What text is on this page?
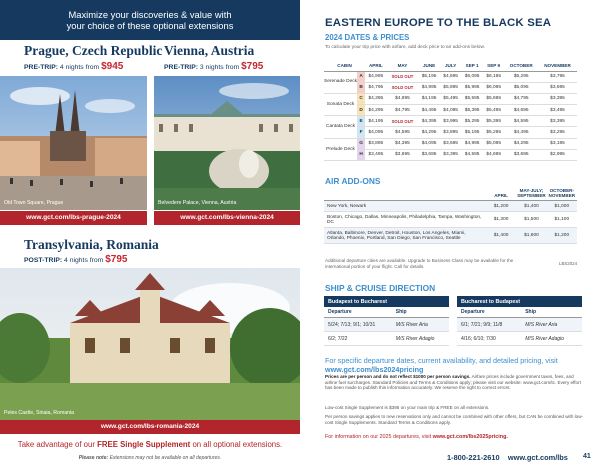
Maximize your discoveries & value with
your choice of these optional extensions
Prague, Czech Republic
PRE-TRIP: 4 nights from $945
Old Town Square, Prague
www.gct.com/lbs-prague-2024
Vienna, Austria
PRE-TRIP: 3 nights from $795
Belvedere Palace, Vienna, Austria
www.gct.com/lbs-vienna-2024
Transylvania, Romania
POST-TRIP: 4 nights from $795
Peles Castle, Sinaia, Romania
www.gct.com/lbs-romania-2024
Take advantage of our FREE Single Supplement on all optional extensions.
Please note: Extensions may not be available on all departures.
EASTERN EUROPE TO THE BLACK SEA
2024 DATES & PRICES
To calculate your trip price with airfare, add deck price to air add-ons below.
CABIN		APRIL	MAY	JUNE	JULY	SEP 1	SEP 9	OCTOBER	NOVEMBER
Serenade Deck	A	$4,995	SOLD OUT	$5,195	$4,695	$6,095	$6,195	$5,295	$3,795
	B	$4,795	SOLD OUT	$4,995	$5,895	$5,995	$6,095	$5,095	$3,695
Sonata Deck	C	$4,395	$4,895	$4,195	$5,495	$5,595	$5,695	$4,795	$3,395
	D	$4,295	$4,795	$4,495	$4,095	$5,395	$5,495	$4,695	$3,495
Cantata Deck	E	$4,195	SOLD OUT	$4,395	$3,995	$5,295	$5,395	$4,595	$3,395
	F	$4,095	$4,595	$4,295	$3,895	$5,195	$5,295	$4,495	$3,295
Prelude Deck	G	$3,895	$4,395	$4,095	$3,695	$4,995	$5,095	$4,295	$3,195
	H	$3,495	$3,695	$3,695	$3,395	$4,595	$4,695	$3,695	$2,995
AIR ADD-ONS
	APRIL	MAY-JULY; SEPTEMBER	OCTOBER-NOVEMBER
New York, Newark	$1,200	$1,400	$1,000
Boston, Chicago, Dallas, Minneapolis, Philadelphia, Tampa, Washington, DC	$1,300	$1,500	$1,100
Atlanta, Baltimore, Denver, Detroit, Houston, Los Angeles, Miami, Orlando, Phoenix, Portland, San Diego, San Francisco, Seattle	$1,400	$1,600	$1,200
Additional departure cities are available. Upgrade to Business Class may be available for the international portion of your flight. Call for details.
LBS2024
SHIP & CRUISE DIRECTION
Budapest to Bucharest	
Departure	Ship
5/24; 7/13; 9/1; 10/31	M/S River Aria
6/2; 7/22	M/S River Adagio
Bucharest to Budapest	
Departure	Ship
6/1; 7/21; 9/9; 11/8	M/S River Aria
4/16; 6/10; 7/30	M/S River Adagio
For specific departure dates, current availability, and detailed pricing, visit www.gct.com/lbs2024pricing
Prices are per person and do not reflect $1000 per person savings. Airfare prices include government taxes, fees, and airline fuel surcharges. Standard Policies and Terms & Conditions apply; please visit our website: www.gct.com/tc. Every effort has been made to publish this information accurately. We reserve the right to correct errors.
Low-cost Single Supplement is $395 on your main trip & FREE on all extensions.
Per person savings applies to new reservations only and cannot be combined with other offers, but CAN be combined with low-cost Single Supplements. Standard Terms & Conditions apply.
For information on our 2025 departures, visit www.gct.com/lbs2025pricing.
1-800-221-2610 www.gct.com/lbs 41
